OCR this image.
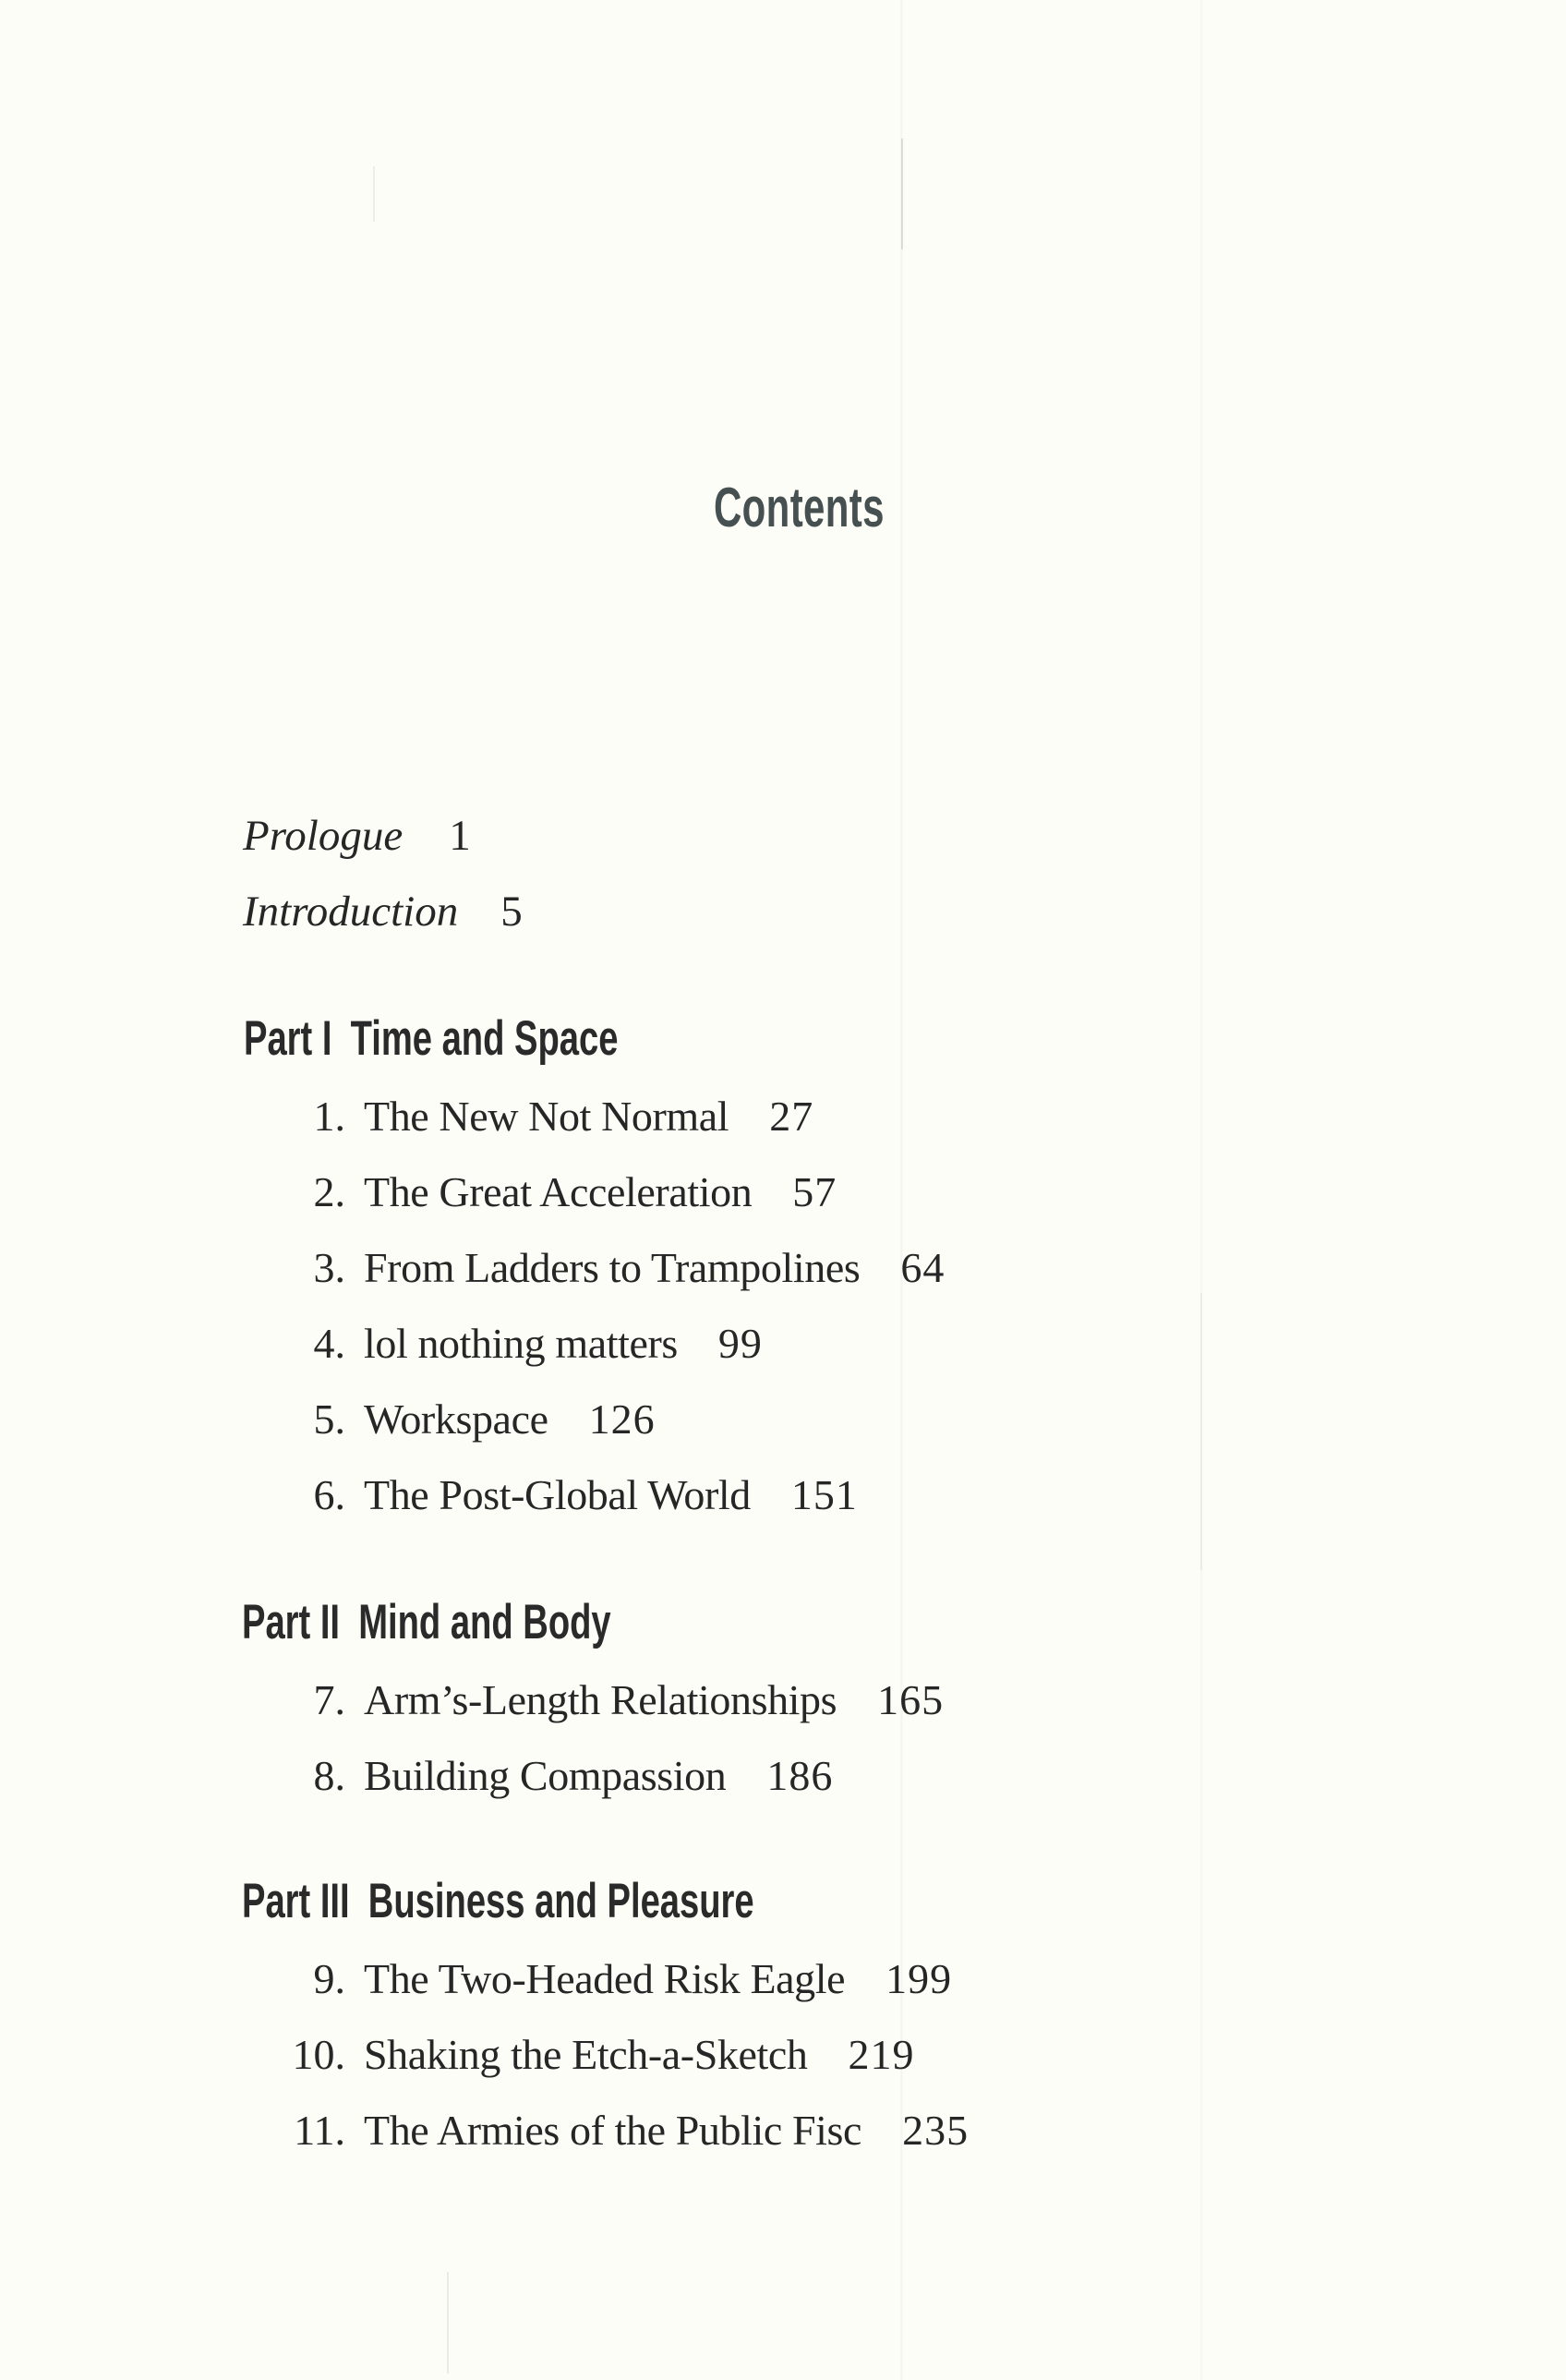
Contents
Prologue 1
Introduction 5
Part I Time and Space
1. The New Not Normal 27
2. The Great Acceleration 57
3. From Ladders to Trampolines 64
4. lol nothing matters 99
5. Workspace 126
6. The Post-Global World 151
Part II Mind and Body
7. Arm’s-Length Relationships 165
8. Building Compassion 186
Part III Business and Pleasure
9. The Two-Headed Risk Eagle 199
10. Shaking the Etch-a-Sketch 219
11. The Armies of the Public Fisc 235
